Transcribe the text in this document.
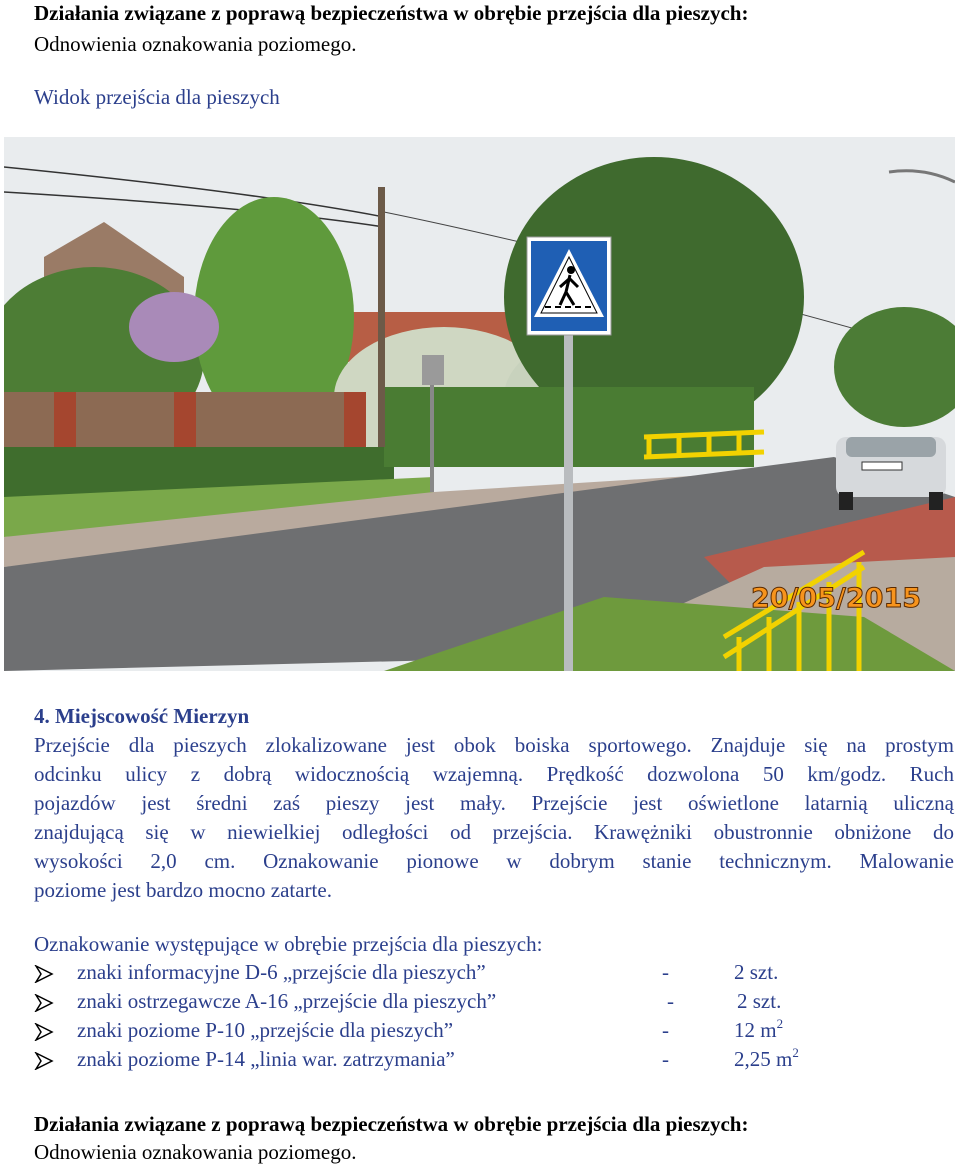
Działania związane z poprawą bezpieczeństwa w obrębie przejścia dla pieszych:
Odnowienia oznakowania poziomego.
Widok przejścia dla pieszych
20/05/2015
4. Miejscowość Mierzyn
Przejście dla pieszych zlokalizowane jest obok boiska sportowego. Znajduje się na prostym
odcinku ulicy z dobrą widocznością wzajemną. Prędkość dozwolona 50 km/godz. Ruch
pojazdów jest średni zaś pieszy jest mały. Przejście jest oświetlone latarnią uliczną
znajdującą się w niewielkiej odległości od przejścia. Krawężniki obustronnie obniżone do
wysokości 2,0 cm. Oznakowanie pionowe w dobrym stanie technicznym. Malowanie
poziome jest bardzo mocno zatarte.
Oznakowanie występujące w obrębie przejścia dla pieszych:
znaki informacyjne D-6 „przejście dla pieszych”	-	2 szt.
znaki ostrzegawcze A-16 „przejście dla pieszych”	-	2 szt.
znaki poziome P-10 „przejście dla pieszych”	-	12 $m^2$
znaki poziome P-14 „linia war. zatrzymania”	-	2,25 $m^2$
Działania związane z poprawą bezpieczeństwa w obrębie przejścia dla pieszych:
Odnowienia oznakowania poziomego.
